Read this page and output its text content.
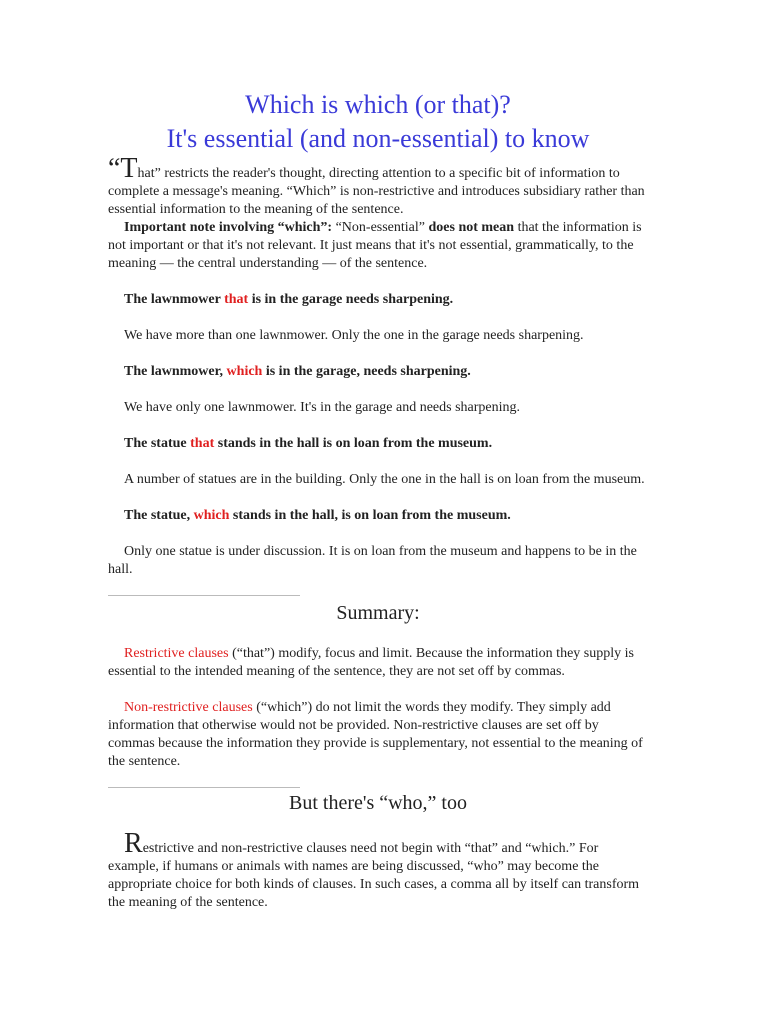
Which is which (or that)?
It's essential (and non-essential) to know

“That” restricts the reader's thought, directing attention to a specific bit of information to complete a message's meaning. “Which” is non-restrictive and introduces subsidiary rather than essential information to the meaning of the sentence.

Important note involving “which”: “Non-essential” does not mean that the information is not important or that it's not relevant. It just means that it's not essential, grammatically, to the meaning — the central understanding — of the sentence.

The lawnmower that is in the garage needs sharpening.

We have more than one lawnmower. Only the one in the garage needs sharpening.

The lawnmower, which is in the garage, needs sharpening.

We have only one lawnmower. It's in the garage and needs sharpening.

The statue that stands in the hall is on loan from the museum.

A number of statues are in the building. Only the one in the hall is on loan from the museum.

The statue, which stands in the hall, is on loan from the museum.

Only one statue is under discussion. It is on loan from the museum and happens to be in the hall.

Summary:

Restrictive clauses (“that”) modify, focus and limit. Because the information they supply is essential to the intended meaning of the sentence, they are not set off by commas.

Non-restrictive clauses (“which”) do not limit the words they modify. They simply add information that otherwise would not be provided. Non-restrictive clauses are set off by commas because the information they provide is supplementary, not essential to the meaning of the sentence.

But there's “who,” too

Restrictive and non-restrictive clauses need not begin with “that” and “which.” For example, if humans or animals with names are being discussed, “who” may become the appropriate choice for both kinds of clauses. In such cases, a comma all by itself can transform the meaning of the sentence.
